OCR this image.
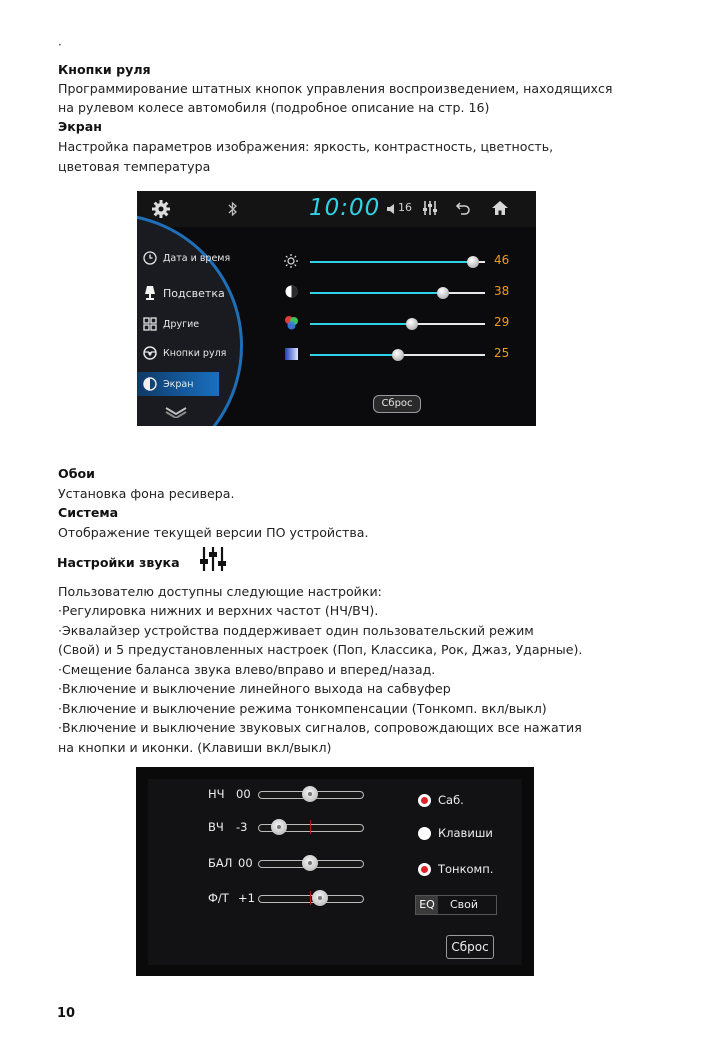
·
Кнопки руля
Программирование штатных кнопок управления воспроизведением, находящихся
на рулевом колесе автомобиля (подробное описание на стр. 16)
Экран
Настройка параметров изображения: яркость, контрастность, цветность,
цветовая температура
10:00 16
Дата и время
Подсветка
Другие
Кнопки руля
Экран
46
38
29
25
Сброс
Обои
Установка фона ресивера.
Система
Отображение текущей версии ПО устройства.
Настройки звука
Пользователю доступны следующие настройки:
·Регулировка нижних и верхних частот (НЧ/ВЧ).
·Эквалайзер устройства поддерживает один пользовательский режим
(Свой) и 5 предустановленных настроек (Поп, Классика, Рок, Джаз, Ударные).
·Смещение баланса звука влево/вправо и вперед/назад.
·Включение и выключение линейного выхода на сабвуфер
·Включение и выключение режима тонкомпенсации (Тонкомп. вкл/выкл)
·Включение и выключение звуковых сигналов, сопровождающих все нажатия
на кнопки и иконки. (Клавиши вкл/выкл)
НЧ 00
ВЧ -3
БАЛ 00
Ф/Т +1
Саб.
Клавиши
Тонкомп.
EQ Свой
Сброс
10
